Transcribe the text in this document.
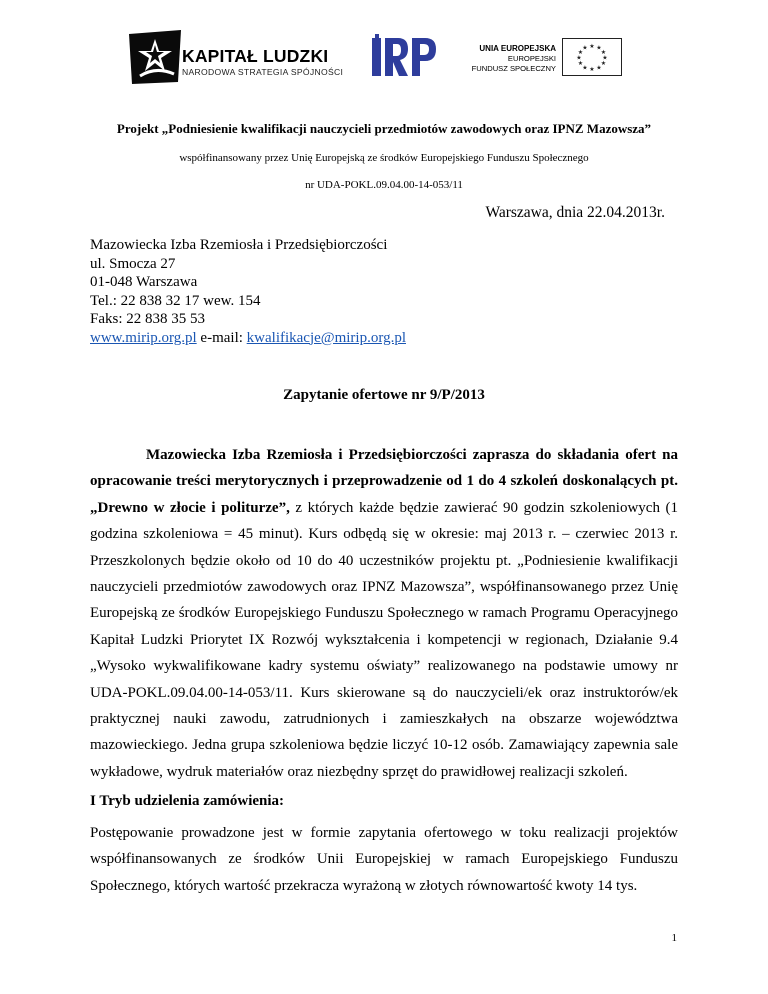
KAPITAŁ LUDZKI
NARODOWA STRATEGIA SPÓJNOŚCI
UNIA EUROPEJSKA
EUROPEJSKI
FUNDUSZ SPOŁECZNY
★ ★
★
★
★
★
★
★
★
★
★
★
Projekt „Podniesienie kwalifikacji nauczycieli przedmiotów zawodowych oraz IPNZ Mazowsza”
współfinansowany przez Unię Europejską ze środków Europejskiego Funduszu Społecznego
nr UDA-POKL.09.04.00-14-053/11
Warszawa, dnia 22.04.2013r.
Mazowiecka Izba Rzemiosła i Przedsiębiorczości
ul. Smocza 27
01-048 Warszawa
Tel.: 22 838 32 17 wew. 154
Faks: 22 838 35 53
www.mirip.org.pl e-mail: kwalifikacje@mirip.org.pl
Zapytanie ofertowe nr 9/P/2013
Mazowiecka Izba Rzemiosła i Przedsiębiorczości zaprasza do składania ofert na opracowanie treści merytorycznych i przeprowadzenie od 1 do 4 szkoleń doskonalących pt. „Drewno w złocie i politurze”, z których każde będzie zawierać 90 godzin szkoleniowych (1 godzina szkoleniowa = 45 minut). Kurs odbędą się w okresie: maj 2013 r. – czerwiec 2013 r. Przeszkolonych będzie około od 10 do 40 uczestników projektu pt. „Podniesienie kwalifikacji nauczycieli przedmiotów zawodowych oraz IPNZ Mazowsza”, współfinansowanego przez Unię Europejską ze środków Europejskiego Funduszu Społecznego w ramach Programu Operacyjnego Kapitał Ludzki Priorytet IX Rozwój wykształcenia i kompetencji w regionach, Działanie 9.4 „Wysoko wykwalifikowane kadry systemu oświaty” realizowanego na podstawie umowy nr UDA-POKL.09.04.00-14-053/11. Kurs skierowane są do nauczycieli/ek oraz instruktorów/ek praktycznej nauki zawodu, zatrudnionych i zamieszkałych na obszarze województwa mazowieckiego. Jedna grupa szkoleniowa będzie liczyć 10-12 osób. Zamawiający zapewnia sale wykładowe, wydruk materiałów oraz niezbędny sprzęt do prawidłowej realizacji szkoleń.
I Tryb udzielenia zamówienia:
Postępowanie prowadzone jest w formie zapytania ofertowego w toku realizacji projektów współfinansowanych ze środków Unii Europejskiej w ramach Europejskiego Funduszu Społecznego, których wartość przekracza wyrażoną w złotych równowartość kwoty 14 tys.
1
